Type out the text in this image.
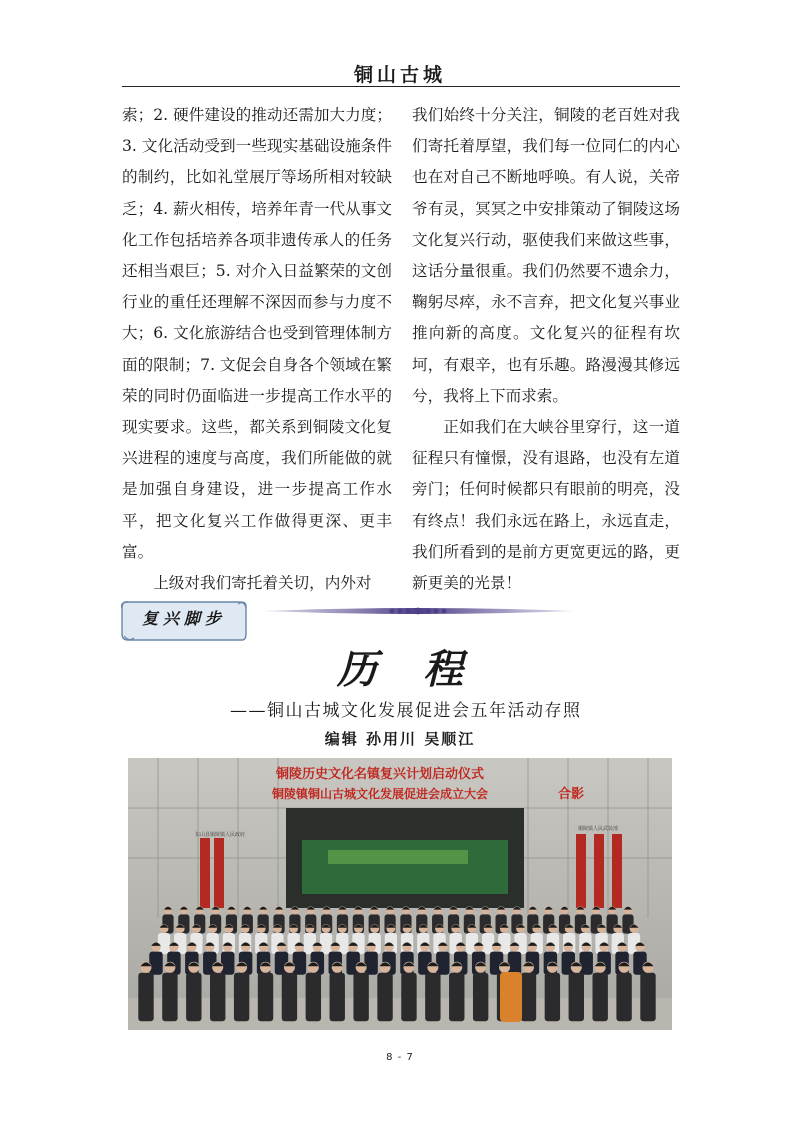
铜山古城

索；2. 硬件建设的推动还需加大力度；3. 文化活动受到一些现实基础设施条件的制约，比如礼堂展厅等场所相对较缺乏；4. 薪火相传，培养年青一代从事文化工作包括培养各项非遗传承人的任务还相当艰巨；5. 对介入日益繁荣的文创行业的重任还理解不深因而参与力度不大；6. 文化旅游结合也受到管理体制方面的限制；7. 文促会自身各个领域在繁荣的同时仍面临进一步提高工作水平的现实要求。这些，都关系到铜陵文化复兴进程的速度与高度，我们所能做的就是加强自身建设，进一步提高工作水平，把文化复兴工作做得更深、更丰富。

上级对我们寄托着关切，内外对

我们始终十分关注，铜陵的老百姓对我们寄托着厚望，我们每一位同仁的内心也在对自己不断地呼唤。有人说，关帝爷有灵，冥冥之中安排策动了铜陵这场文化复兴行动，驱使我们来做这些事，这话分量很重。我们仍然要不遗余力，鞠躬尽瘁，永不言弃，把文化复兴事业推向新的高度。文化复兴的征程有坎坷，有艰辛，也有乐趣。路漫漫其修远兮，我将上下而求索。

正如我们在大峡谷里穿行，这一道征程只有憧憬，没有退路，也没有左道旁门；任何时候都只有眼前的明亮，没有终点！我们永远在路上，永远直走，我们所看到的是前方更宽更远的路，更新更美的光景！

复兴脚步
历程
——铜山古城文化发展促进会五年活动存照
编辑 孙用川 吴顺江
铜陵历史文化名镇复兴计划启动仪式
铜陵镇铜山古城文化发展促进会成立大会	合影
东山县铜陵镇人民政府
铜陵镇人民武装部
8 - 7
